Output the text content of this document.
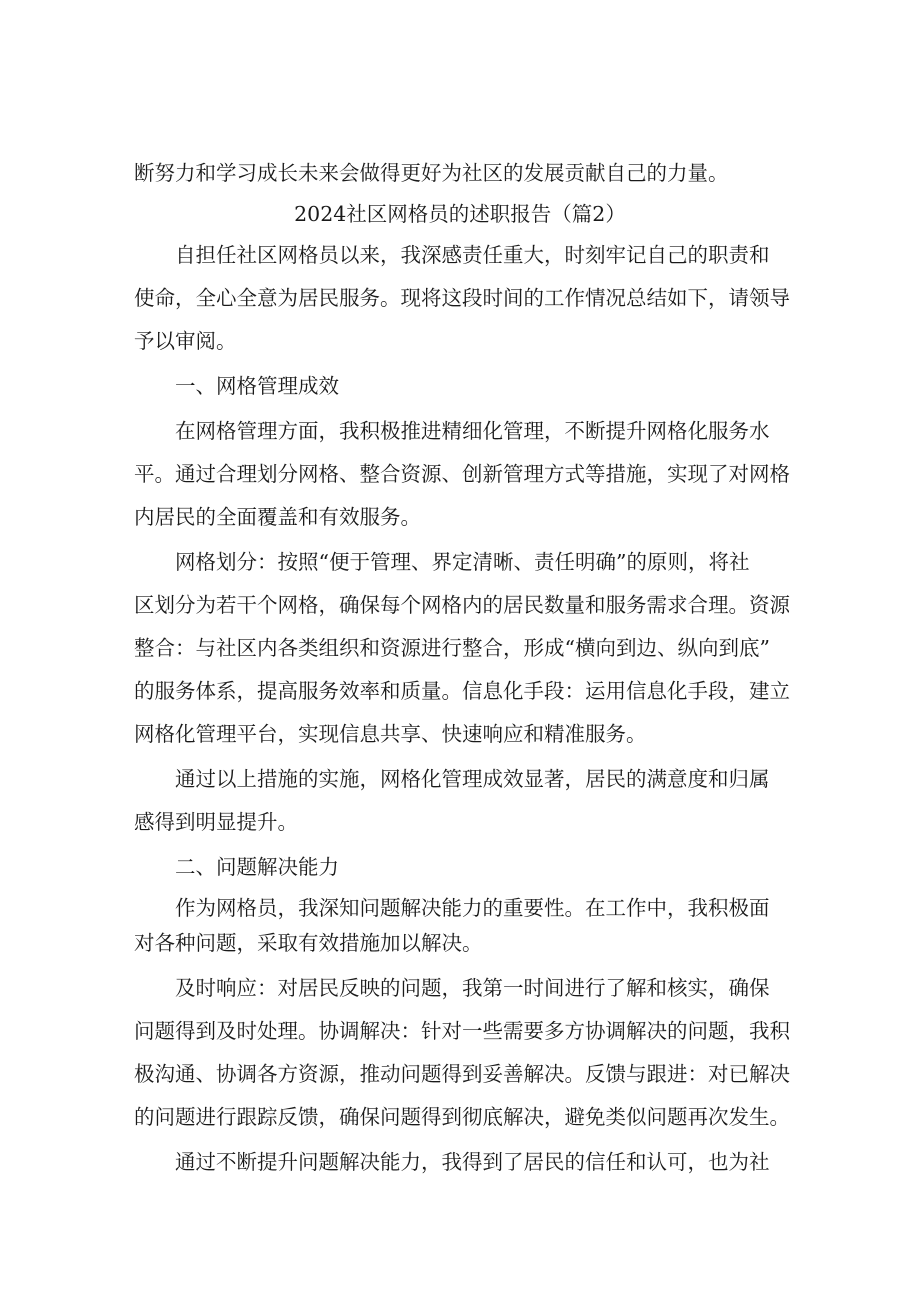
断努力和学习成长未来会做得更好为社区的发展贡献自己的力量。
2024社区网格员的述职报告（篇2）
自担任社区网格员以来，我深感责任重大，时刻牢记自己的职责和
使命，全心全意为居民服务。现将这段时间的工作情况总结如下，请领导
予以审阅。
一、网格管理成效
在网格管理方面，我积极推进精细化管理，不断提升网格化服务水
平。通过合理划分网格、整合资源、创新管理方式等措施，实现了对网格
内居民的全面覆盖和有效服务。
网格划分：按照“便于管理、界定清晰、责任明确”的原则，将社
区划分为若干个网格，确保每个网格内的居民数量和服务需求合理。资源
整合：与社区内各类组织和资源进行整合，形成“横向到边、纵向到底”
的服务体系，提高服务效率和质量。信息化手段：运用信息化手段，建立
网格化管理平台，实现信息共享、快速响应和精准服务。
通过以上措施的实施，网格化管理成效显著，居民的满意度和归属
感得到明显提升。
二、问题解决能力
作为网格员，我深知问题解决能力的重要性。在工作中，我积极面
对各种问题，采取有效措施加以解决。
及时响应：对居民反映的问题，我第一时间进行了解和核实，确保
问题得到及时处理。协调解决：针对一些需要多方协调解决的问题，我积
极沟通、协调各方资源，推动问题得到妥善解决。反馈与跟进：对已解决
的问题进行跟踪反馈，确保问题得到彻底解决，避免类似问题再次发生。
通过不断提升问题解决能力，我得到了居民的信任和认可，也为社
